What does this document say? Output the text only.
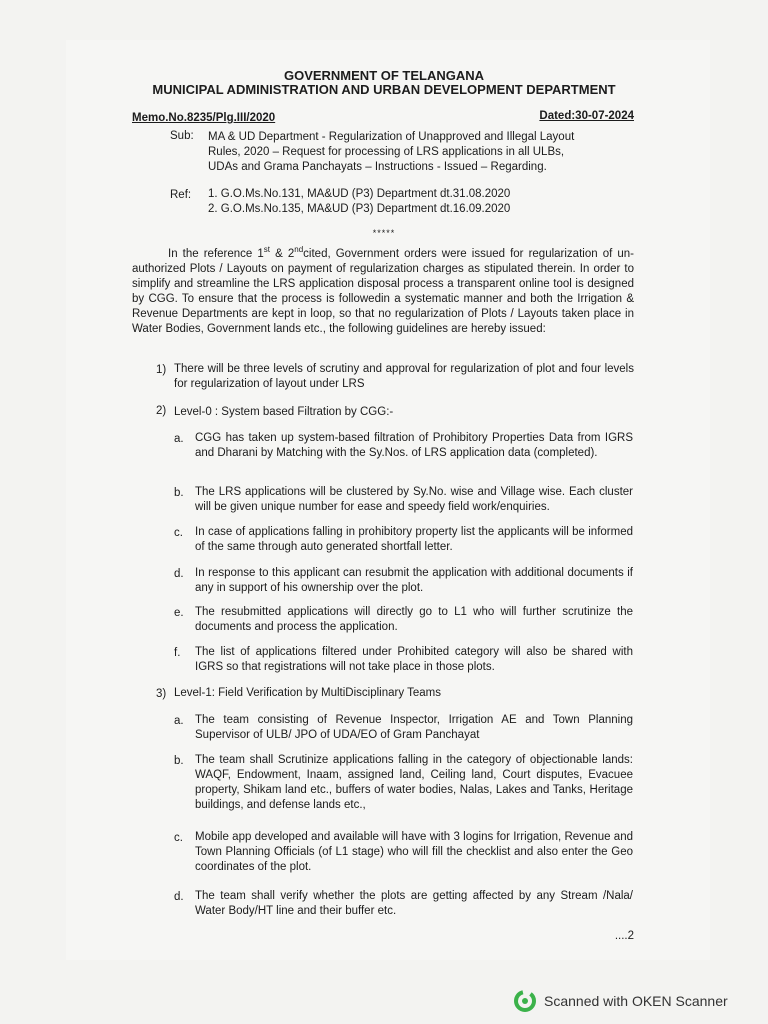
GOVERNMENT OF TELANGANA
MUNICIPAL ADMINISTRATION AND URBAN DEVELOPMENT DEPARTMENT
Memo.No.8235/Plg.III/2020	Dated:30-07-2024
Sub: MA & UD Department - Regularization of Unapproved and Illegal Layout
Rules, 2020 – Request for processing of LRS applications in all ULBs,
UDAs and Grama Panchayats – Instructions - Issued – Regarding.
Ref: 1. G.O.Ms.No.131, MA&UD (P3) Department dt.31.08.2020
2. G.O.Ms.No.135, MA&UD (P3) Department dt.16.09.2020
*****
In the reference 1st & 2ndcited, Government orders were issued for regularization of un-authorized Plots / Layouts on payment of regularization charges as stipulated therein. In order to simplify and streamline the LRS application disposal process a transparent online tool is designed by CGG. To ensure that the process is followedin a systematic manner and both the Irrigation & Revenue Departments are kept in loop, so that no regularization of Plots / Layouts taken place in Water Bodies, Government lands etc., the following guidelines are hereby issued:
1) There will be three levels of scrutiny and approval for regularization of plot and four levels for regularization of layout under LRS
2) Level-0 : System based Filtration by CGG:-
a. CGG has taken up system-based filtration of Prohibitory Properties Data from IGRS and Dharani by Matching with the Sy.Nos. of LRS application data (completed).
b. The LRS applications will be clustered by Sy.No. wise and Village wise. Each cluster will be given unique number for ease and speedy field work/enquiries.
c. In case of applications falling in prohibitory property list the applicants will be informed of the same through auto generated shortfall letter.
d. In response to this applicant can resubmit the application with additional documents if any in support of his ownership over the plot.
e. The resubmitted applications will directly go to L1 who will further scrutinize the documents and process the application.
f. The list of applications filtered under Prohibited category will also be shared with IGRS so that registrations will not take place in those plots.
3) Level-1: Field Verification by MultiDisciplinary Teams
a. The team consisting of Revenue Inspector, Irrigation AE and Town Planning Supervisor of ULB/ JPO of UDA/EO of Gram Panchayat
b. The team shall Scrutinize applications falling in the category of objectionable lands: WAQF, Endowment, Inaam, assigned land, Ceiling land, Court disputes, Evacuee property, Shikam land etc., buffers of water bodies, Nalas, Lakes and Tanks, Heritage buildings, and defense lands etc.,
c. Mobile app developed and available will have with 3 logins for Irrigation, Revenue and Town Planning Officials (of L1 stage) who will fill the checklist and also enter the Geo coordinates of the plot.
d. The team shall verify whether the plots are getting affected by any Stream /Nala/ Water Body/HT line and their buffer etc.
....2
Scanned with OKEN Scanner
